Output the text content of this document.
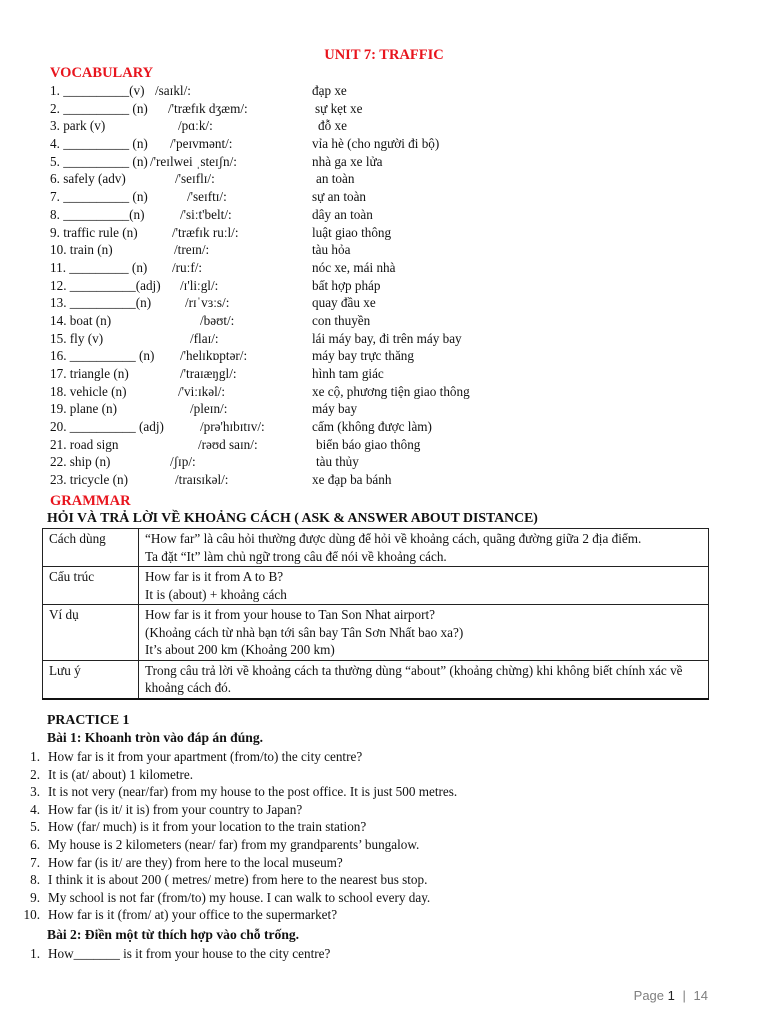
UNIT 7: TRAFFIC
VOCABULARY
1. __________(v) /saɪkl/:	đạp xe
2. __________ (n) /'træfɪk dʒæm/:	sự kẹt xe
3. park (v)	/pɑːk/:	đỗ xe
4. __________ (n) /'peɪvmənt/:	vỉa hè (cho người đi bộ)
5. __________ (n) /'reɪlwei ˌsteɪʃn/:	nhà ga xe lửa
6. safely (adv)	/'seɪflɪ/:	an toàn
7. __________ (n)	/'seɪftɪ/:	sự an toàn
8. __________(n)	/'siːt'belt/:	dây an toàn
9. traffic rule (n)	/'træfɪk ruːl/:	luật giao thông
10. train (n)	/treɪn/:	tàu hỏa
11. _________ (n) /ruːf/:	nóc xe, mái nhà
12. __________(adj) /ɪ'liːgl/:	bất hợp pháp
13. __________(n)	/rɪˈvɜːs/:	quay đầu xe
14. boat (n)	/bəʊt/:	con thuyền
15. fly (v)	/flaɪ/:	lái máy bay, đi trên máy bay
16. __________ (n) /'helɪkɒptər/:	máy bay trực thăng
17. triangle (n)	/'traɪæŋgl/:	hình tam giác
18. vehicle (n)	/'viːɪkəl/:	xe cộ, phương tiện giao thông
19. plane (n)	/pleɪn/:	máy bay
20. __________ (adj)	/prə'hɪbɪtɪv/:	cấm (không được làm)
21. road sign	/rəʊd saɪn/:	biển báo giao thông
22. ship (n)	/ʃɪp/:	tàu thủy
23. tricycle (n)	/traɪsɪkəl/:	xe đạp ba bánh
GRAMMAR
HỎI VÀ TRẢ LỜI VỀ KHOẢNG CÁCH ( ASK & ANSWER ABOUT DISTANCE)
Cách dùng	“How far” là câu hỏi thường được dùng để hỏi về khoảng cách, quãng đường giữa 2 địa điểm.
Ta đặt “It” làm chủ ngữ trong câu để nói về khoảng cách.

Cấu trúc	How far is it from A to B?
It is (about) + khoảng cách

Ví dụ	How far is it from your house to Tan Son Nhat airport?
(Khoảng cách từ nhà bạn tới sân bay Tân Sơn Nhất bao xa?)
It’s about 200 km (Khoảng 200 km)

Lưu ý	Trong câu trả lời về khoảng cách ta thường dùng “about” (khoảng chừng) khi không biết chính xác về khoảng cách đó.
PRACTICE 1
Bài 1: Khoanh tròn vào đáp án đúng.
1. How far is it from your apartment (from/to) the city centre?
2. It is (at/ about) 1 kilometre.
3. It is not very (near/far) from my house to the post office. It is just 500 metres.
4. How far (is it/ it is) from your country to Japan?
5. How (far/ much) is it from your location to the train station?
6. My house is 2 kilometers (near/ far) from my grandparents’ bungalow.
7. How far (is it/ are they) from here to the local museum?
8. I think it is about 200 ( metres/ metre) from here to the nearest bus stop.
9. My school is not far (from/to) my house. I can walk to school every day.
10. How far is it (from/ at) your office to the supermarket?
Bài 2: Điền một từ thích hợp vào chỗ trống.
1. How_______ is it from your house to the city centre?
Page 1 | 14
